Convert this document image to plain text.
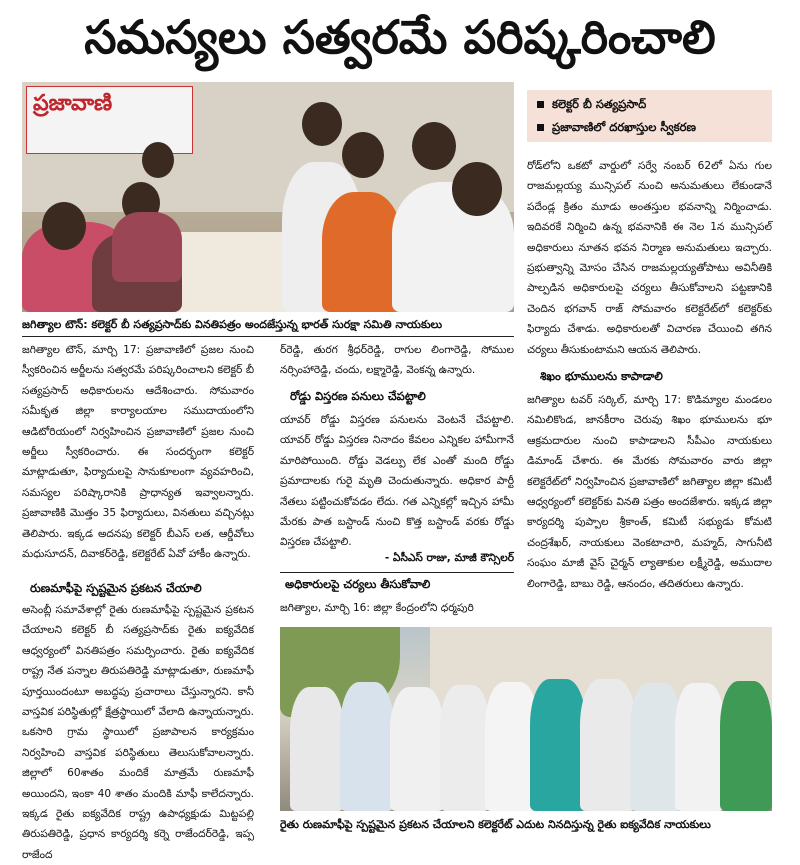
సమస్యలు సత్వరమే పరిష్కరించాలి
ప్రజావాణి
జగిత్యాల టౌన్: కలెక్టర్ బీ సత్యప్రసాద్‌కు వినతిపత్రం అందజేస్తున్న భారత్ సురక్షా సమితి నాయకులు
కలెక్టర్ బీ సత్యప్రసాద్
ప్రజావాణిలో దరఖాస్తుల స్వీకరణ

జగిత్యాల టౌన్, మార్చి 17: ప్రజావాణిలో ప్రజల నుంచి స్వీకరించిన అర్జీలను సత్వరమే పరిష్కరించాలని కలెక్టర్ బీ సత్యప్రసాద్ అధికారులను ఆదేశించారు. సోమవారం సమీకృత జిల్లా కార్యాలయాల సముదాయంలోని ఆడిటోరియంలో నిర్వహించిన ప్రజావాణిలో ప్రజల నుంచి అర్జీలు స్వీకరించారు. ఈ సందర్భంగా కలెక్టర్ మాట్లాడుతూ, ఫిర్యాదులపై సానుకూలంగా వ్యవహరించి, సమస్యల పరిష్కారానికి ప్రాధాన్యత ఇవ్వాలన్నారు. ప్రజావాణికి మొత్తం 35 ఫిర్యాదులు, వినతులు వచ్చినట్లు తెలిపారు. ఇక్కడ అదనపు కలెక్టర్ బీఎస్ లత, ఆర్డీవోలు మధుసూదన్, దివాకర్‌రెడ్డి, కలెక్టరేట్ ఏవో హాకీం ఉన్నారు.

రుణమాఫీపై స్పష్టమైన ప్రకటన చేయాలి

అసెంబ్లీ సమావేశాల్లో రైతు రుణమాఫీపై స్పష్టమైన ప్రకటన చేయాలని కలెక్టర్ బీ సత్యప్రసాద్‌కు రైతు ఐక్యవేదిక ఆధ్వర్యంలో వినతిపత్రం సమర్పించారు. రైతు ఐక్యవేదిక రాష్ట్ర నేత పన్నాల తిరుపతిరెడ్డి మాట్లాడుతూ, రుణమాఫీ పూర్తయిందంటూ అబద్ధపు ప్రచారాలు చేస్తున్నారని. కానీ వాస్తవిక పరిస్థితుల్లో క్షేత్రస్థాయిలో వేలాది ఉన్నాయన్నారు. ఒకసారి గ్రామ స్థాయిలో ప్రజాపాలన కార్యక్రమం నిర్వహించి వాస్తవిక పరిస్థితులు తెలుసుకోవాలన్నారు. జిల్లాలో 60శాతం మందికే మాత్రమే రుణమాఫీ అయిందని, ఇంకా 40 శాతం మందికి మాఫీ కాలేదన్నారు. ఇక్కడ రైతు ఐక్యవేదిక రాష్ట్ర ఉపాధ్యక్షుడు మిట్టపల్లి తిరుపతిరెడ్డి, ప్రధాన కార్యదర్శి కర్నె రాజేందర్‌రెడ్డి, ఇప్ప రాజేంద

ర్‌రెడ్డి, తురగ శ్రీధర్‌రెడ్డి, రాగుల లింగారెడ్డి, సోముల నర్సింహారెడ్డి, చందు, లక్ష్మారెడ్డి, వెంకన్న ఉన్నారు.

రోడ్డు విస్తరణ పనులు చేపట్టాలి

యావర్ రోడ్డు విస్తరణ పనులను వెంటనే చేపట్టాలి. యావర్ రోడ్డు విస్తరణ నినాదం కేవలం ఎన్నికల హామీగానే మారిపోయింది. రోడ్డు వెడల్పు లేక ఎంతో మంది రోడ్డు ప్రమాదాలకు గురై మృతి చెందుతున్నారు. అధికార పార్టీ నేతలు పట్టించుకోవడం లేదు. గత ఎన్నికల్లో ఇచ్చిన హామీ మేరకు పాత బస్టాండ్ నుంచి కొత్త బస్టాండ్ వరకు రోడ్డు విస్తరణ చేపట్టాలి.

- ఏసీఎస్ రాజు, మాజీ కౌన్సిలర్
అధికారులపై చర్యలు తీసుకోవాలి

జగిత్యాల, మార్చి 16: జిల్లా కేంద్రంలోని ధర్మపురి

రోడ్‌లోని ఒకటో వార్డులో సర్వే నంబర్ 62లో ఏను గుల రాజమల్లయ్య మున్సిపల్ నుంచి అనుమతులు లేకుండానే పదేండ్ల క్రితం మూడు అంతస్తుల భవనాన్ని నిర్మించాడు. ఇదివరకే నిర్మించి ఉన్న భవనానికి ఈ నెల 1న మున్సిపల్ అధికారులు నూతన భవన నిర్మాణ అనుమతులు ఇచ్చారు. ప్రభుత్వాన్ని మోసం చేసిన రాజమల్లయ్యతోపాటు అవినీతికి పాల్పడిన అధికారులపై చర్యలు తీసుకోవాలని పట్టణానికి చెందిన భగవాన్ రాజ్ సోమవారం కలెక్టరేట్‌లో కలెక్టర్‌కు ఫిర్యాదు చేశాడు. అధికారులతో విచారణ చేయించి తగిన చర్యలు తీసుకుంటామని ఆయన తెలిపారు.

శిఖం భూములను కాపాడాలి

జగిత్యాల టవర్ సర్కిల్, మార్చి 17: కొడిమ్యాల మండలం నమిలికొండ, జానకీరాం చెరువు శిఖం భూములను భూ ఆక్రమదారుల నుంచి కాపాడాలని సీపీఎం నాయకులు డిమాండ్ చేశారు. ఈ మేరకు సోమవారం వారు జిల్లా కలెక్టరేట్‌లో నిర్వహించిన ప్రజావాణిలో జగిత్యాల జిల్లా కమిటీ ఆధ్వర్యంలో కలెక్టర్‌కు వినతి పత్రం అందజేశారు. ఇక్కడ జిల్లా కార్యదర్శి పుప్పాల శ్రీకాంత్, కమిటీ సభ్యుడు కోమటి చంద్రశేఖర్, నాయకులు వెంకటాచారి, మహ్మద్, సాగునీటి సంఘం మాజీ వైస్ చైర్మన్ ల్యాతాకుల లక్ష్మీరెడ్డి, అముదాల లింగారెడ్డి, బాబు రెడ్డి, ఆనందం, తదితరులు ఉన్నారు.

రైతు రుణమాఫీపై స్పష్టమైన ప్రకటన చేయాలని కలెక్టరేట్ ఎదుట నినదిస్తున్న రైతు ఐక్యవేదిక నాయకులు
